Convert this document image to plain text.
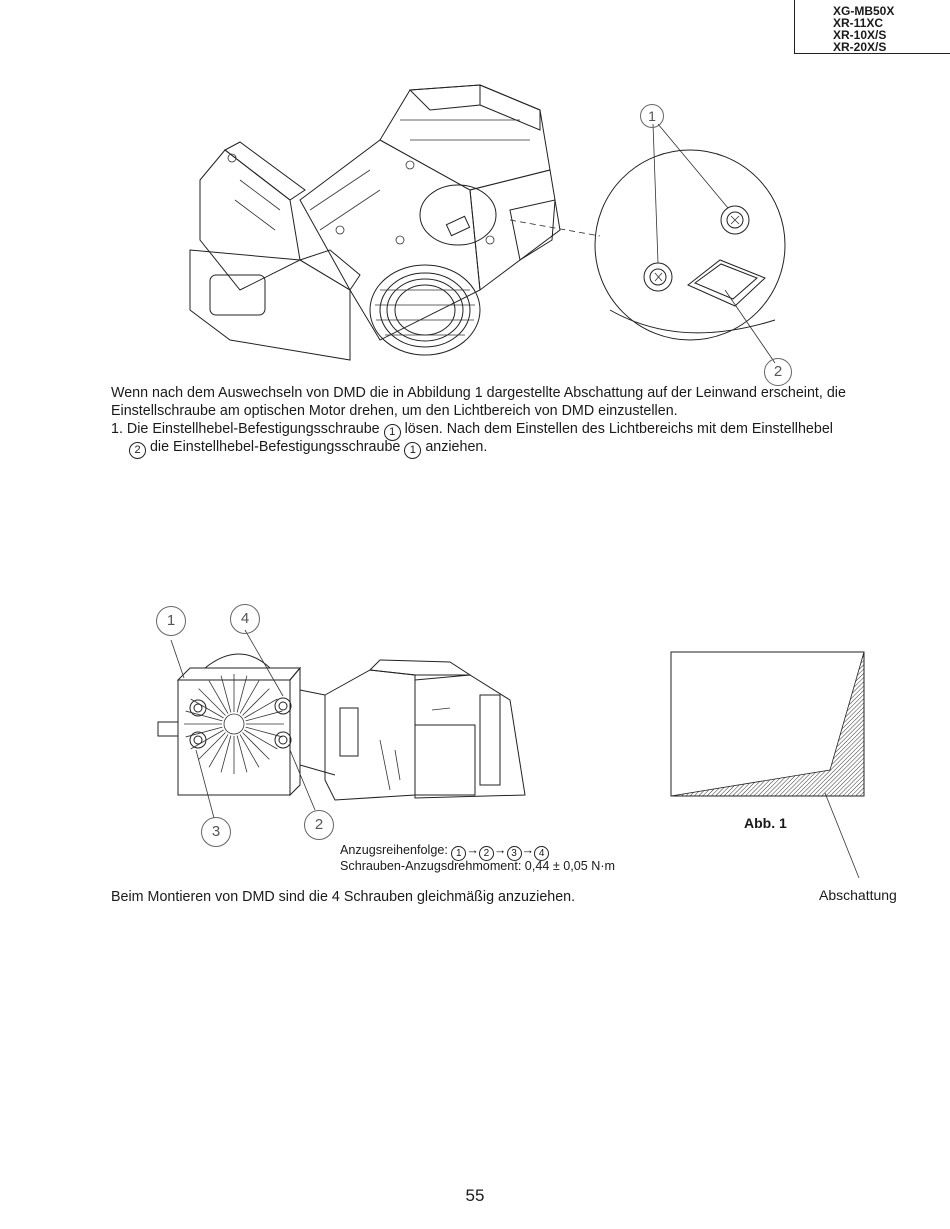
XG-MB50X
XR-11XC
XR-10X/S
XR-20X/S
1
2
Wenn nach dem Auswechseln von DMD die in Abbildung 1 dargestellte Abschattung auf der Leinwand erscheint, die
Einstellschraube am optischen Motor drehen, um den Lichtbereich von DMD einzustellen.
1. Die Einstellhebel-Befestigungsschraube 1 lösen. Nach dem Einstellen des Lichtbereichs mit dem Einstellhebel
2 die Einstellhebel-Befestigungsschraube 1 anziehen.
1	4
3	2
Anzugsreihenfolge: 1 → 2 → 3 → 4
Schrauben-Anzugsdrehmoment: 0,44 ± 0,05 N·m
Abb. 1
Abschattung
Beim Montieren von DMD sind die 4 Schrauben gleichmäßig anzuziehen.
55
